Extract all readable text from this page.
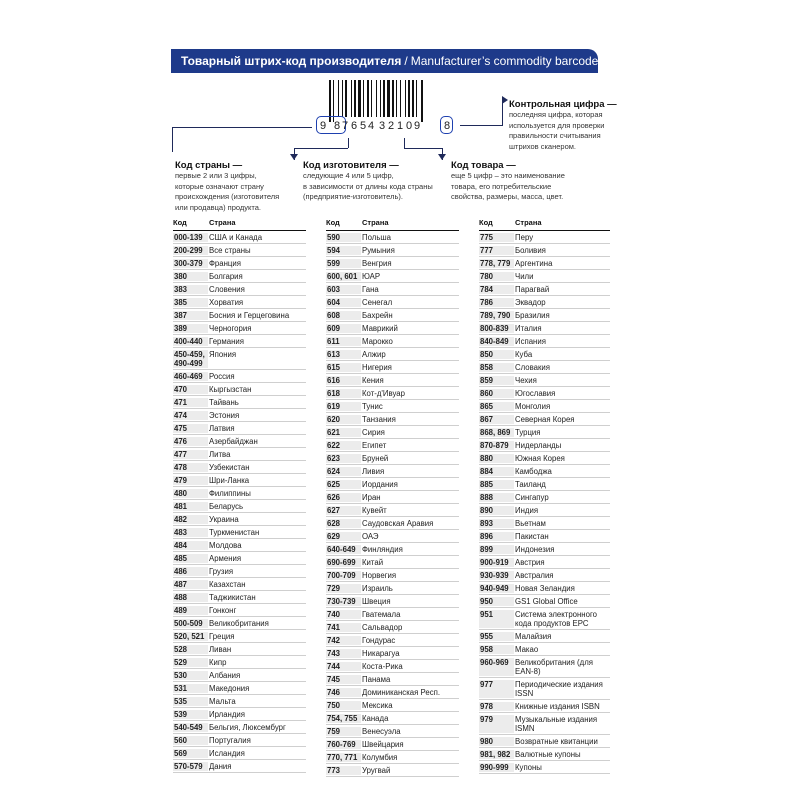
Товарный штрих-код производителя / Manufacturer’s commodity barcode
9 8 7 6 5 4 3 2 1 0 9 8
Код страны —
первые 2 или 3 цифры,
которые означают страну
происхождения (изготовителя
или продавца) продукта.
Код изготовителя —
следующие 4 или 5 цифр,
в зависимости от длины кода страны
(предприятие-изготовитель).
Код товара —
еще 5 цифр – это наименование
товара, его потребительские
свойства, размеры, масса, цвет.
Контрольная цифра —
последняя цифра, которая
используется для проверки
правильности считывания
штрихов сканером.
Код	Страна
000-139 США и Канада
200-299 Все страны
300-379 Франция
380	Болгария
383	Словения
385	Хорватия
387	Босния и Герцеговина
389	Черногория
400-440 Германия
450-459, 490-499
Япония
460-469 Россия
470	Кыргызстан
471	Тайвань
474	Эстония
475	Латвия
476	Азербайджан
477	Литва
478	Узбекистан
479	Шри-Ланка
480	Филиппины
481	Беларусь
482	Украина
483	Туркменистан
484	Молдова
485	Армения
486	Грузия
487	Казахстан
488	Таджикистан
489	Гонконг
500-509 Великобритания
520, 521 Греция
528	Ливан
529	Кипр
530	Албания
531	Македония
535	Мальта
539	Ирландия
540-549 Бельгия, Люксембург
560	Португалия
569	Исландия
570-579 Дания
Код	Страна
590	Польша
594	Румыния
599	Венгрия
600, 601 ЮАР
603	Гана
604	Сенегал
608	Бахрейн
609	Маврикий
611	Марокко
613	Алжир
615	Нигерия
616	Кения
618	Кот-д'Ивуар
619	Тунис
620	Танзания
621	Сирия
622	Египет
623	Бруней
624	Ливия
625	Иордания
626	Иран
627	Кувейт
628	Саудовская Аравия
629	ОАЭ
640-649 Финляндия
690-699 Китай
700-709 Норвегия
729	Израиль
730-739 Швеция
740	Гватемала
741	Сальвадор
742	Гондурас
743	Никарагуа
744	Коста-Рика
745	Панама
746	Доминиканская Респ.
750	Мексика
754, 755 Канада
759	Венесуэла
760-769 Швейцария
770, 771 Колумбия
773	Уругвай
Код	Страна
775	Перу
777	Боливия
778, 779 Аргентина
780	Чили
784	Парагвай
786	Эквадор
789, 790 Бразилия
800-839 Италия
840-849 Испания
850	Куба
858	Словакия
859	Чехия
860	Югославия
865	Монголия
867	Северная Корея
868, 869 Турция
870-879 Нидерланды
880	Южная Корея
884	Камбоджа
885	Таиланд
888	Сингапур
890	Индия
893	Вьетнам
896	Пакистан
899	Индонезия
900-919 Австрия
930-939 Австралия
940-949 Новая Зеландия
950	GS1 Global Office
951	Система электронного кода продуктов EPC
955	Малайзия
958	Макао
960-969 Великобритания (для EAN-8)
977	Периодические издания ISSN
978	Книжные издания ISBN
979	Музыкальные издания ISMN
980	Возвратные квитанции
981, 982 Валютные купоны
990-999 Купоны
